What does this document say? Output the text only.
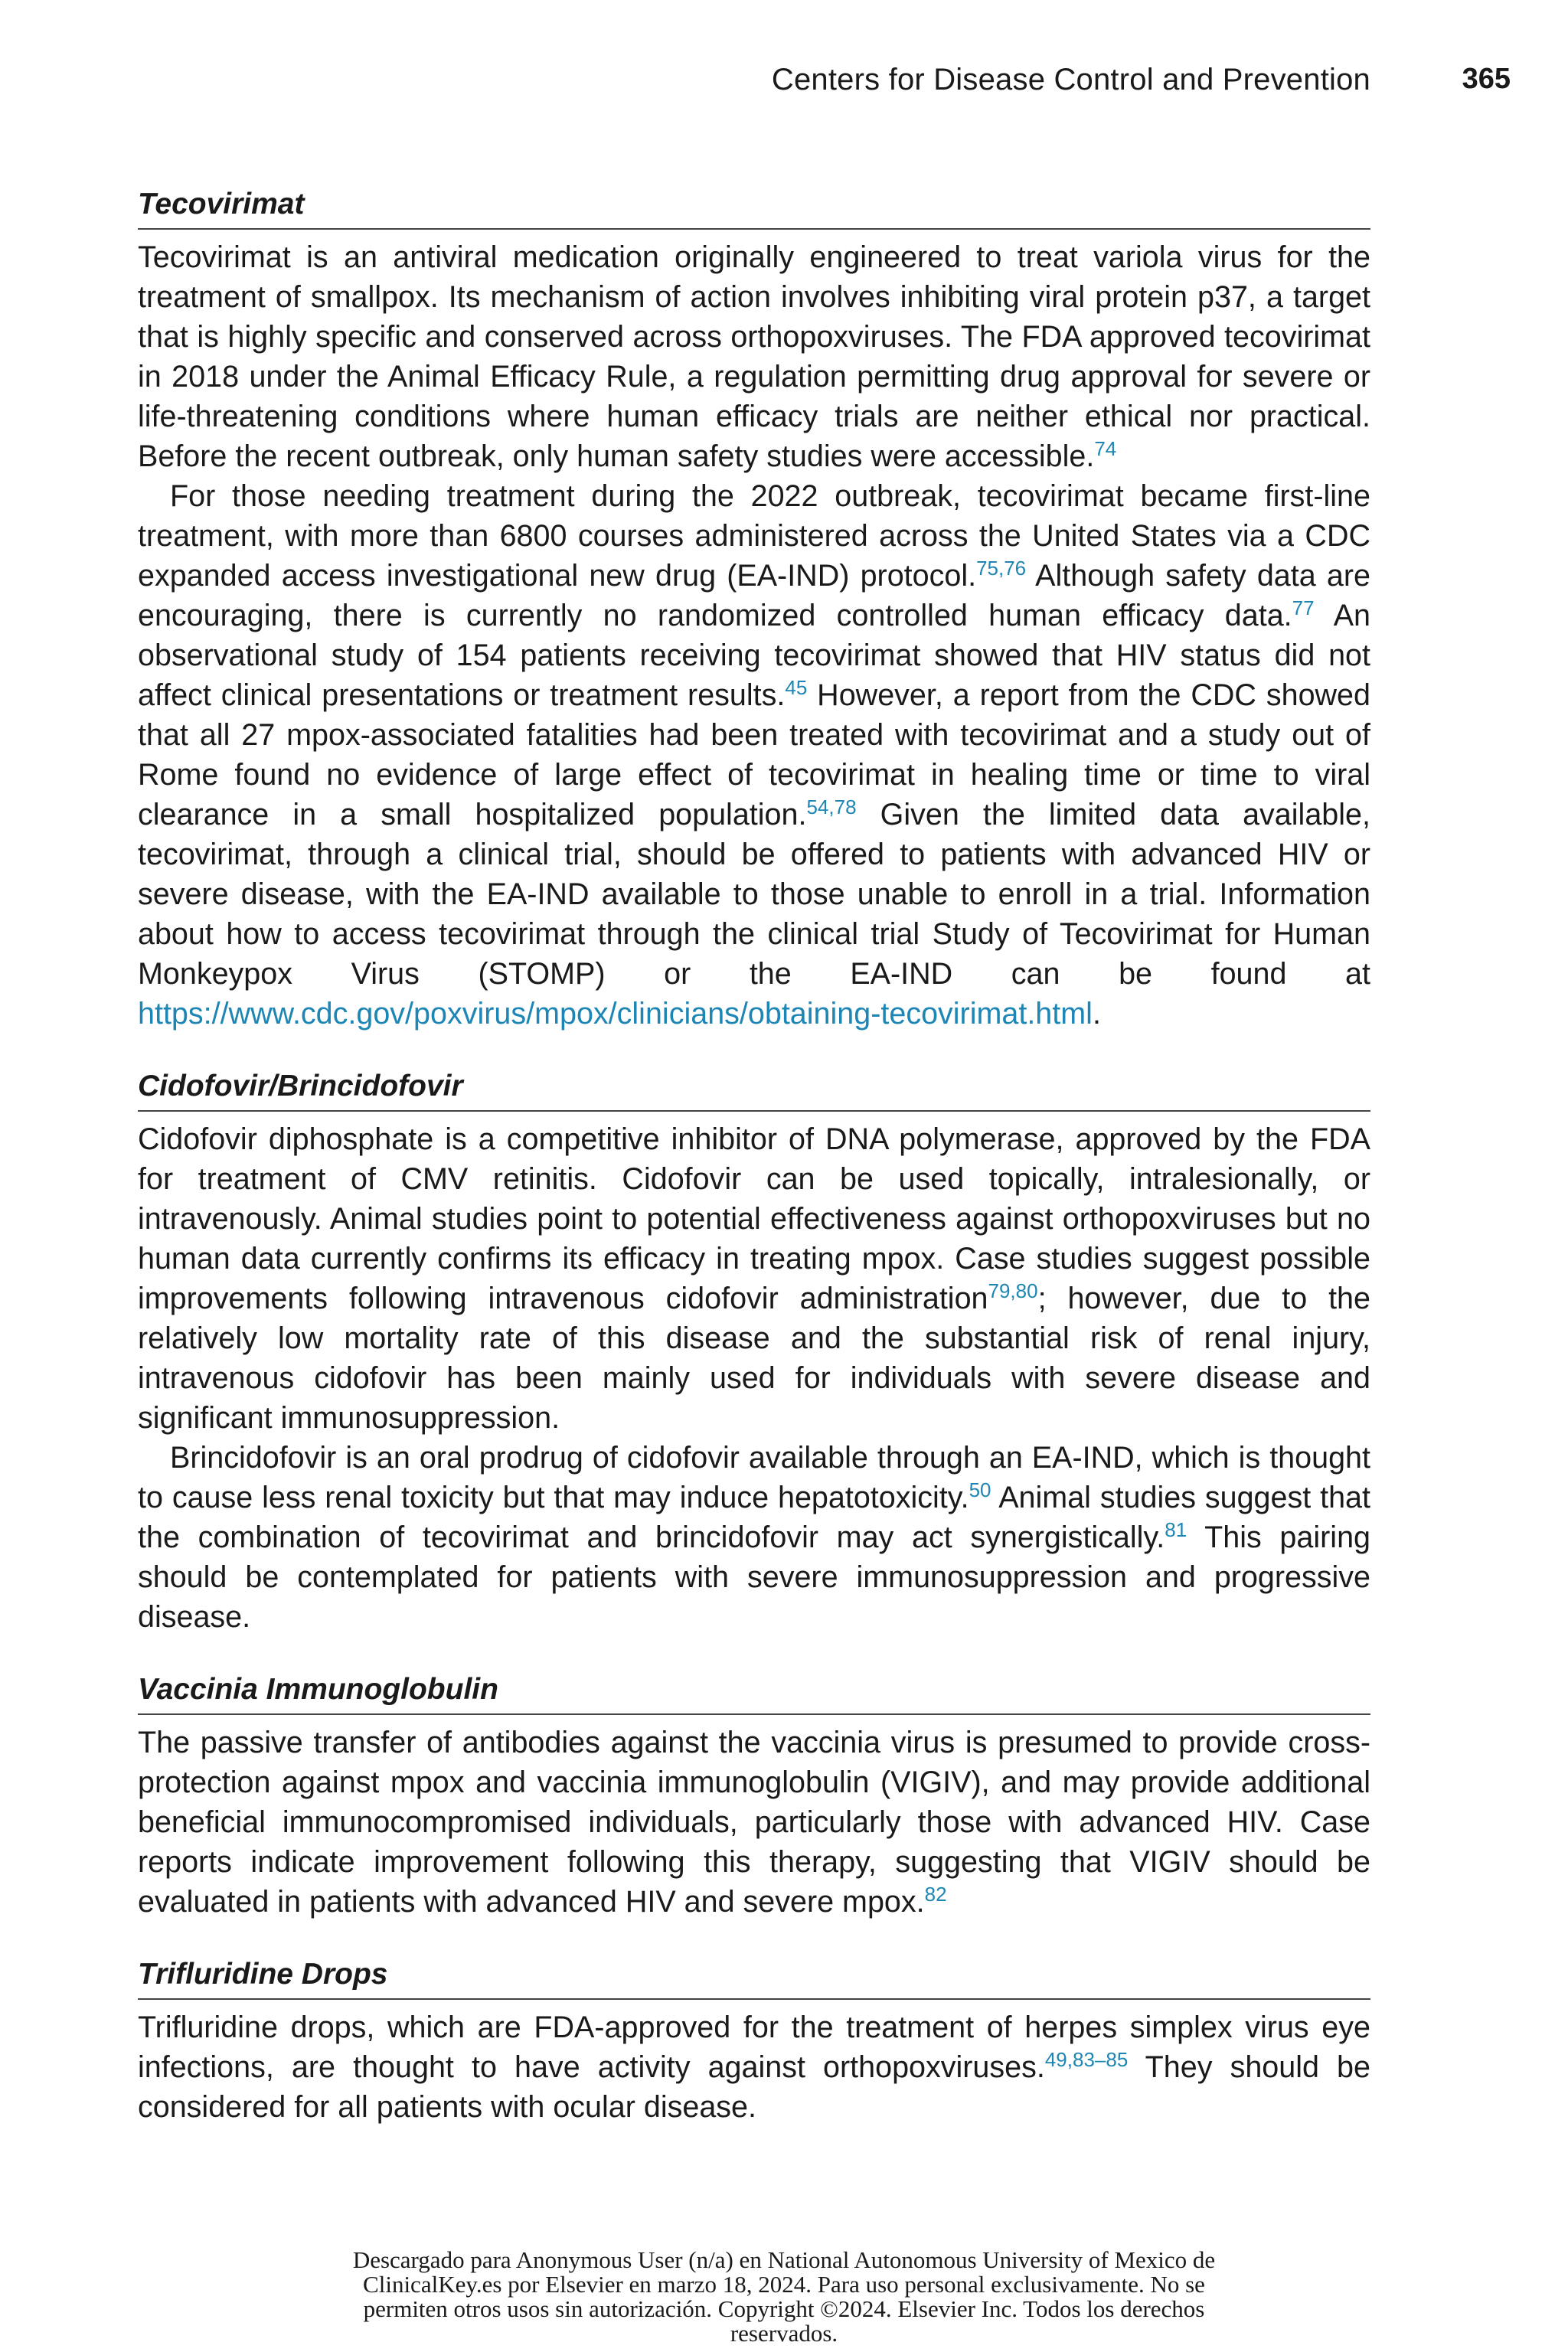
Centers for Disease Control and Prevention	365
Tecovirimat

Tecovirimat is an antiviral medication originally engineered to treat variola virus for the treatment of smallpox. Its mechanism of action involves inhibiting viral protein p37, a target that is highly specific and conserved across orthopoxviruses. The FDA approved tecovirimat in 2018 under the Animal Efficacy Rule, a regulation permitting drug approval for severe or life-threatening conditions where human efficacy trials are neither ethical nor practical. Before the recent outbreak, only human safety studies were accessible.$^{74}$

For those needing treatment during the 2022 outbreak, tecovirimat became first-line treatment, with more than 6800 courses administered across the United States via a CDC expanded access investigational new drug (EA-IND) protocol.$^{75,76}$ Although safety data are encouraging, there is currently no randomized controlled human efficacy data.$^{77}$ An observational study of 154 patients receiving tecovirimat showed that HIV status did not affect clinical presentations or treatment results.$^{45}$ However, a report from the CDC showed that all 27 mpox-associated fatalities had been treated with tecovirimat and a study out of Rome found no evidence of large effect of tecovirimat in healing time or time to viral clearance in a small hospitalized population.$^{54,78}$ Given the limited data available, tecovirimat, through a clinical trial, should be offered to patients with advanced HIV or severe disease, with the EA-IND available to those unable to enroll in a trial. Information about how to access tecovirimat through the clinical trial Study of Tecovirimat for Human Monkeypox Virus (STOMP) or the EA-IND can be found at https://www.cdc.gov/poxvirus/mpox/clinicians/obtaining-tecovirimat.html.

Cidofovir/Brincidofovir

Cidofovir diphosphate is a competitive inhibitor of DNA polymerase, approved by the FDA for treatment of CMV retinitis. Cidofovir can be used topically, intralesionally, or intravenously. Animal studies point to potential effectiveness against orthopoxviruses but no human data currently confirms its efficacy in treating mpox. Case studies suggest possible improvements following intravenous cidofovir administration$^{79,80}$; however, due to the relatively low mortality rate of this disease and the substantial risk of renal injury, intravenous cidofovir has been mainly used for individuals with severe disease and significant immunosuppression.

Brincidofovir is an oral prodrug of cidofovir available through an EA-IND, which is thought to cause less renal toxicity but that may induce hepatotoxicity.$^{50}$ Animal studies suggest that the combination of tecovirimat and brincidofovir may act synergistically.$^{81}$ This pairing should be contemplated for patients with severe immunosuppression and progressive disease.

Vaccinia Immunoglobulin

The passive transfer of antibodies against the vaccinia virus is presumed to provide cross-protection against mpox and vaccinia immunoglobulin (VIGIV), and may provide additional beneficial immunocompromised individuals, particularly those with advanced HIV. Case reports indicate improvement following this therapy, suggesting that VIGIV should be evaluated in patients with advanced HIV and severe mpox.$^{82}$

Trifluridine Drops

Trifluridine drops, which are FDA-approved for the treatment of herpes simplex virus eye infections, are thought to have activity against orthopoxviruses.$^{49,83-85}$ They should be considered for all patients with ocular disease.

Descargado para Anonymous User (n/a) en National Autonomous University of Mexico de
ClinicalKey.es por Elsevier en marzo 18, 2024. Para uso personal exclusivamente. No se
permiten otros usos sin autorización. Copyright ©2024. Elsevier Inc. Todos los derechos
reservados.
